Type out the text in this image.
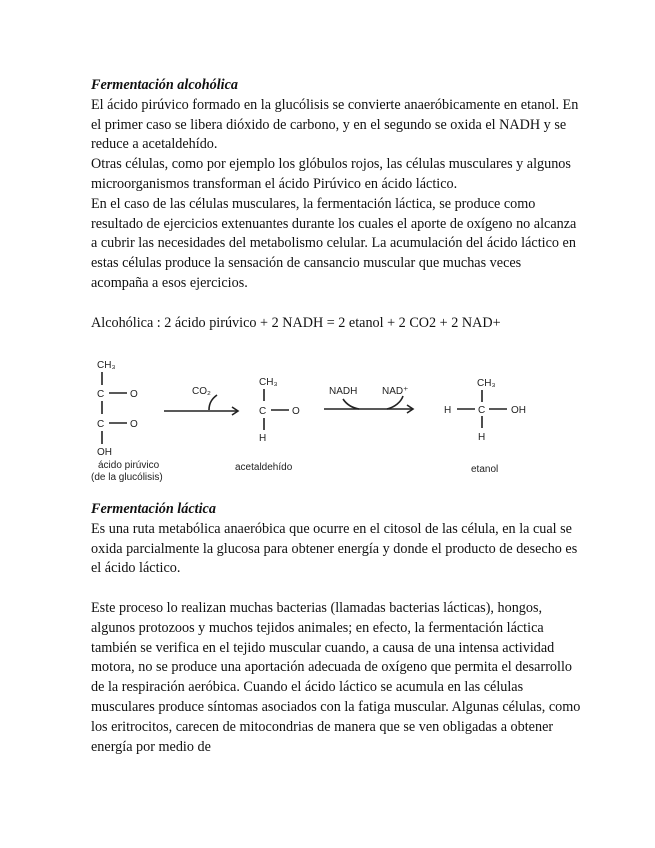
Fermentación alcohólica

El ácido pirúvico formado en la glucólisis se convierte anaeróbicamente en etanol. En el primer caso se libera dióxido de carbono, y en el segundo se oxida el NADH y se reduce a acetaldehído.

Otras células, como por ejemplo los glóbulos rojos, las células musculares y algunos microorganismos transforman el ácido Pirúvico en ácido láctico.

En el caso de las células musculares, la fermentación láctica, se produce como resultado de ejercicios extenuantes durante los cuales el aporte de oxígeno no alcanza a cubrir las necesidades del metabolismo celular. La acumulación del ácido láctico en estas células produce la sensación de cansancio muscular que muchas veces acompaña a esos ejercicios.

Alcohólica : 2 ácido pirúvico + 2 NADH = 2 etanol + 2 CO2 + 2 NAD+

CH₃
C	O
C	O
OH
ácido pirúvico
(de la glucólisis)
CO₂
CH₃
C	O
H
acetaldehído
NADH NAD⁺
CH₃
H	C	OH
H
etanol

Fermentación láctica

Es una ruta metabólica anaeróbica que ocurre en el citosol de las célula, en la cual se oxida parcialmente la glucosa para obtener energía y donde el producto de desecho es el ácido láctico.

Este proceso lo realizan muchas bacterias (llamadas bacterias lácticas), hongos, algunos protozoos y muchos tejidos animales; en efecto, la fermentación láctica también se verifica en el tejido muscular cuando, a causa de una intensa actividad motora, no se produce una aportación adecuada de oxígeno que permita el desarrollo de la respiración aeróbica. Cuando el ácido láctico se acumula en las células musculares produce síntomas asociados con la fatiga muscular. Algunas células, como los eritrocitos, carecen de mitocondrias de manera que se ven obligadas a obtener energía por medio de
